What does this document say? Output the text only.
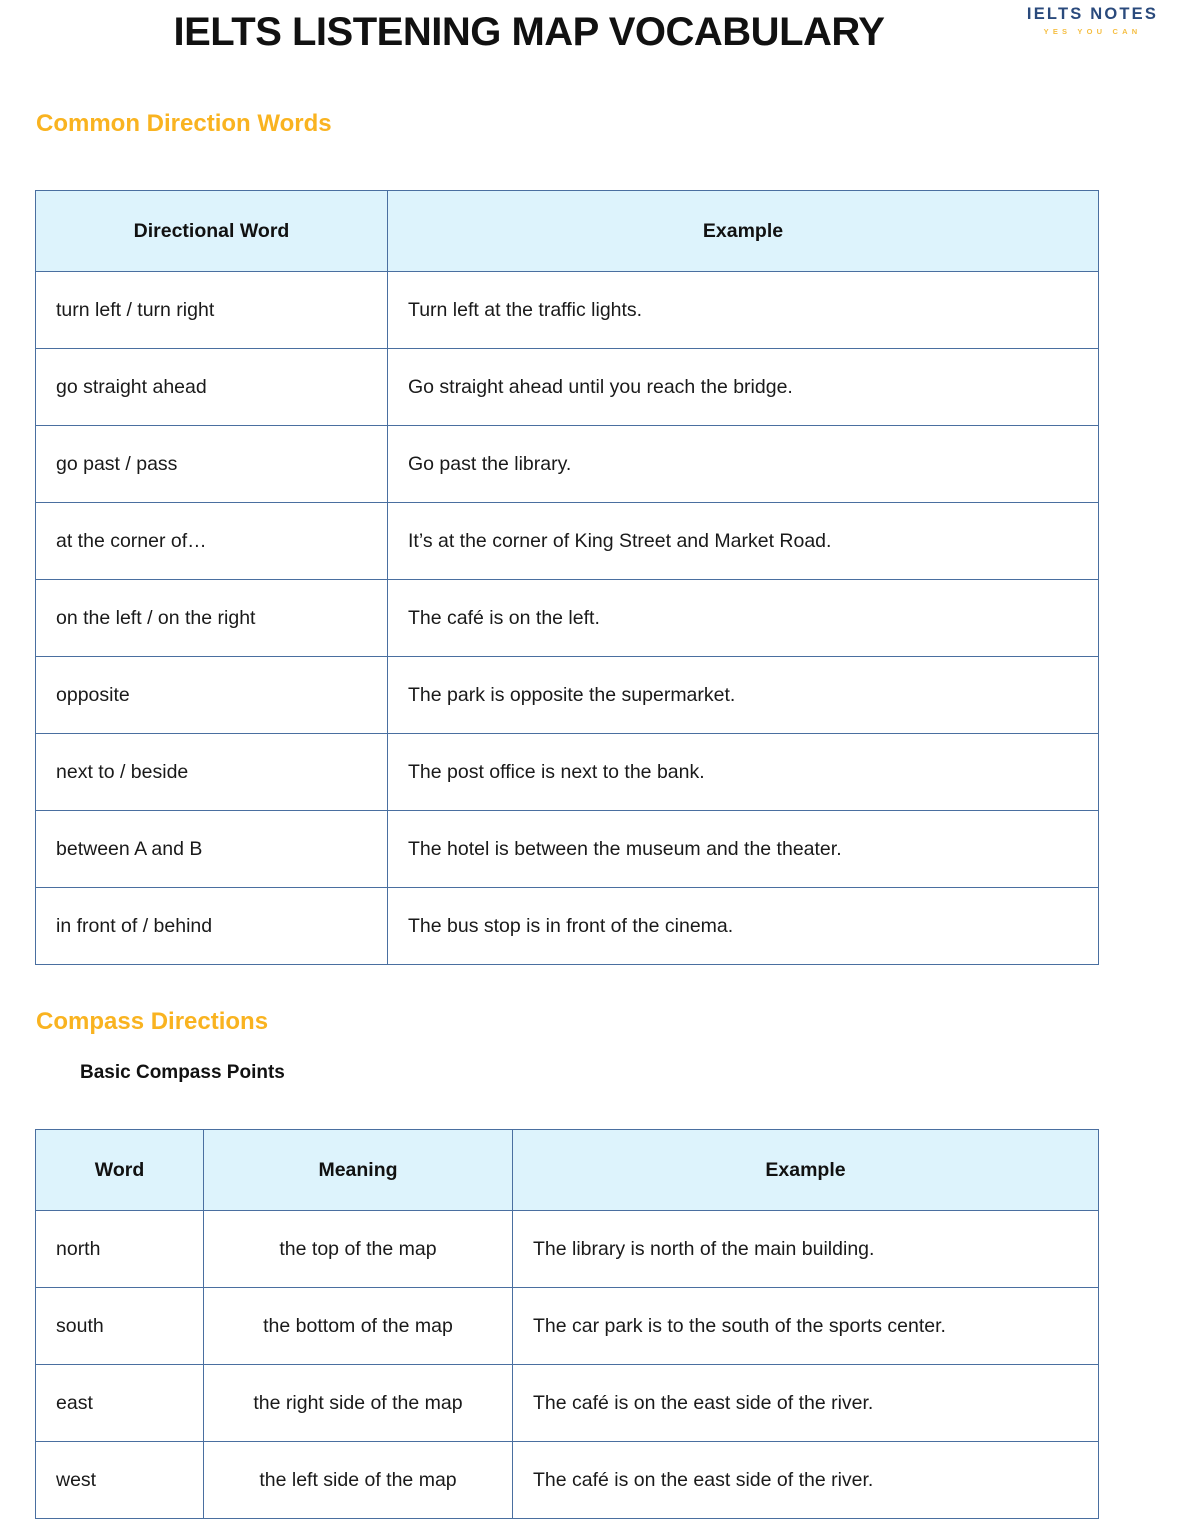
IELTS LISTENING MAP VOCABULARY	IELTS NOTES
YES YOU CAN
Common Direction Words
Directional Word	Example
turn left / turn right	Turn left at the traffic lights.
go straight ahead	Go straight ahead until you reach the bridge.
go past / pass	Go past the library.
at the corner of…	It’s at the corner of King Street and Market Road.
on the left / on the right	The café is on the left.
opposite	The park is opposite the supermarket.
next to / beside	The post office is next to the bank.
between A and B	The hotel is between the museum and the theater.
in front of / behind	The bus stop is in front of the cinema.
Compass Directions
Basic Compass Points
Word	Meaning	Example
north	the top of the map	The library is north of the main building.
south	the bottom of the map	The car park is to the south of the sports center.
east	the right side of the map	The café is on the east side of the river.
west	the left side of the map	The café is on the east side of the river.
